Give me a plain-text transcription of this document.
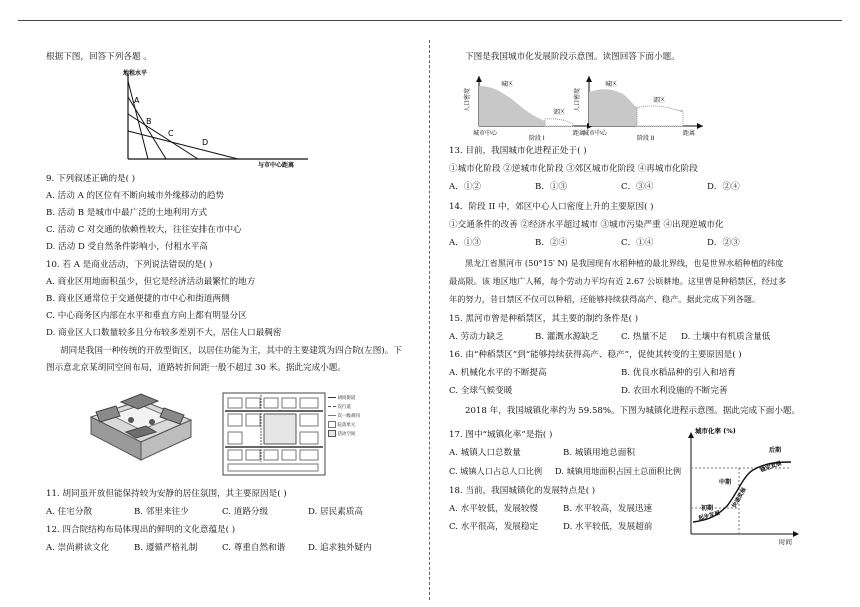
根据下图，回答下列各题 。
地租水平
与市中心距离
A
B
C
D
9. 下列叙述正确的是( )
A. 活动 A 的区位有不断向城市外缘移动的趋势
B. 活动 B 是城市中最广泛的土地利用方式
C. 活动 C 对交通的依赖性较大，往往安排在市中心
D. 活动 D 受自然条件影响小，付租水平高
10. 若 A 是商业活动，下列说法错误的是( )
A. 商业区用地面积虽少，但它是经济活动最繁忙的地方
B. 商业区通常位于交通便捷的市中心和街道两侧
C. 中心商务区内部在水平和垂直方向上都有明显分区
D. 商业区人口数量较多且分布较多差别不大，居住人口最稠密
胡同是我国一种传统的开放型街区，以居住功能为主，其中的主要建筑为四合院(左图)。下
图示意北京某胡同空间布局，道路转折间距一般不超过 30 米。据此完成小题。
胡同街道
次行道
次一级胡同
院落单元
活动空间
11. 胡同虽开放但能保持较为安静的居住氛围，其主要原因是( )
A. 住宅分散	B. 邻里来往少	C. 道路分级	D. 居民素质高
12. 四合院结构布局体现出的鲜明的文化意蕴是( )
A. 崇尚耕读文化	B. 遵循严格礼制	C. 尊重自然和谐	D. 追求独外疑内
下图是我国城市化发展阶段示意图。读图回答下面小题。
人口密度
城区
郊区
城市中心
阶段 I
距离
人口密度
城区
郊区
城市中心
阶段 II
距离
13. 目前，我国城市化进程正处于( )
①城市化阶段 ②逆城市化阶段 ③郊区城市化阶段 ④再城市化阶段
A．①②	B．①③	C．③④	D．②④
14．阶段 II 中，郊区中心人口密度上升的主要原因( )
①交通条件的改善 ②经济水平超过城市 ③城市污染严重 ④出现逆城市化
A．①③	B．②④	C．①④	D．②③
黑龙江省黑河市 (50°15′ N) 是我国现有水稻种植的最北界线，也是世界水稻种植的纬度
最高限。该 地区地广人稀，每个劳动力平均有近 2.67 公顷耕地。这里曾是种稻禁区，经过多
年的努力，昔日禁区不仅可以种稻，还能够持续获得高产、稳产。据此完成下列各题。
15. 黑河市曾是种稻禁区，其主要的制约条件是( )
A. 劳动力缺乏	B. 灌溉水源缺乏	C. 热量不足 D. 土壤中有机质含量低
16. 由“种稻禁区”到“能够持续获得高产、稳产”，促使其转变的主要原因是( )
A. 机械化水平的不断提高	B. 优良水稻品种的引入和培育
C. 全球气候变暖	D. 农田水利设施的不断完善
2018 年，我国城镇化率约为 59.58%。下图为城镇化进程示意图。据此完成下面小题。
17. 图中“城镇化率”是指( )
A. 城镇人口总数量	B. 城镇用地总面积
C. 城镇人口占总人口比例 D. 城镇用地面积占国土总面积比例
18. 当前，我国城镇化的发展特点是( )
A. 水平较低，发展较慢	B. 水平较高，发展迅速
C. 水平很高，发展稳定	D. 水平较低，发展超前
城市化率 (%)
时间
初期
起步发展
中期
快速发展
后期
稳定发展
